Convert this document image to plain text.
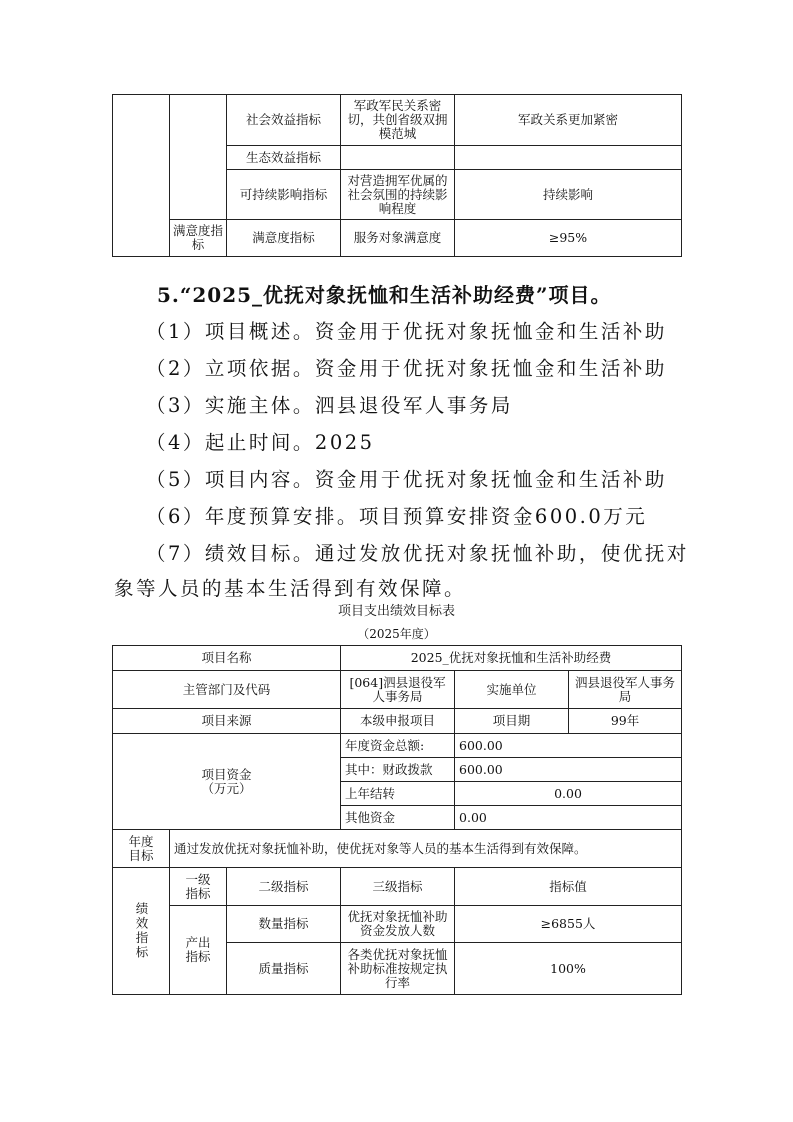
		社会效益指标	军政军民关系密切，共创省级双拥模范城	军政关系更加紧密
		生态效益指标		
		可持续影响指标	对营造拥军优属的社会氛围的持续影响程度	持续影响
	满意度指标	满意度指标	服务对象满意度	≥95%
5.“2025_优抚对象抚恤和生活补助经费”项目。
（1）项目概述。资金用于优抚对象抚恤金和生活补助
（2）立项依据。资金用于优抚对象抚恤金和生活补助
（3）实施主体。泗县退役军人事务局
（4）起止时间。2025
（5）项目内容。资金用于优抚对象抚恤金和生活补助
（6）年度预算安排。项目预算安排资金600.0万元
（7）绩效目标。通过发放优抚对象抚恤补助，使优抚对
象等人员的基本生活得到有效保障。
项目支出绩效目标表
（2025年度）
项目名称			2025_优抚对象抚恤和生活补助经费		
主管部门及代码			[064]泗县退役军人事务局	实施单位	泗县退役军人事务局
项目来源			本级申报项目	项目期	99年

项目资金（万元）			年度资金总额:	600.00	
			其中：财政拨款	600.00	
			上年结转	0.00	
			其他资金	0.00	

年度目标	通过发放优抚对象抚恤补助，使优抚对象等人员的基本生活得到有效保障。				

绩效指标	一级指标	二级指标	三级指标	指标值	

	产出指标	数量指标	优抚对象抚恤补助资金发放人数	≥6855人	
		质量指标	各类优抚对象抚恤补助标准按规定执行率	100%	
